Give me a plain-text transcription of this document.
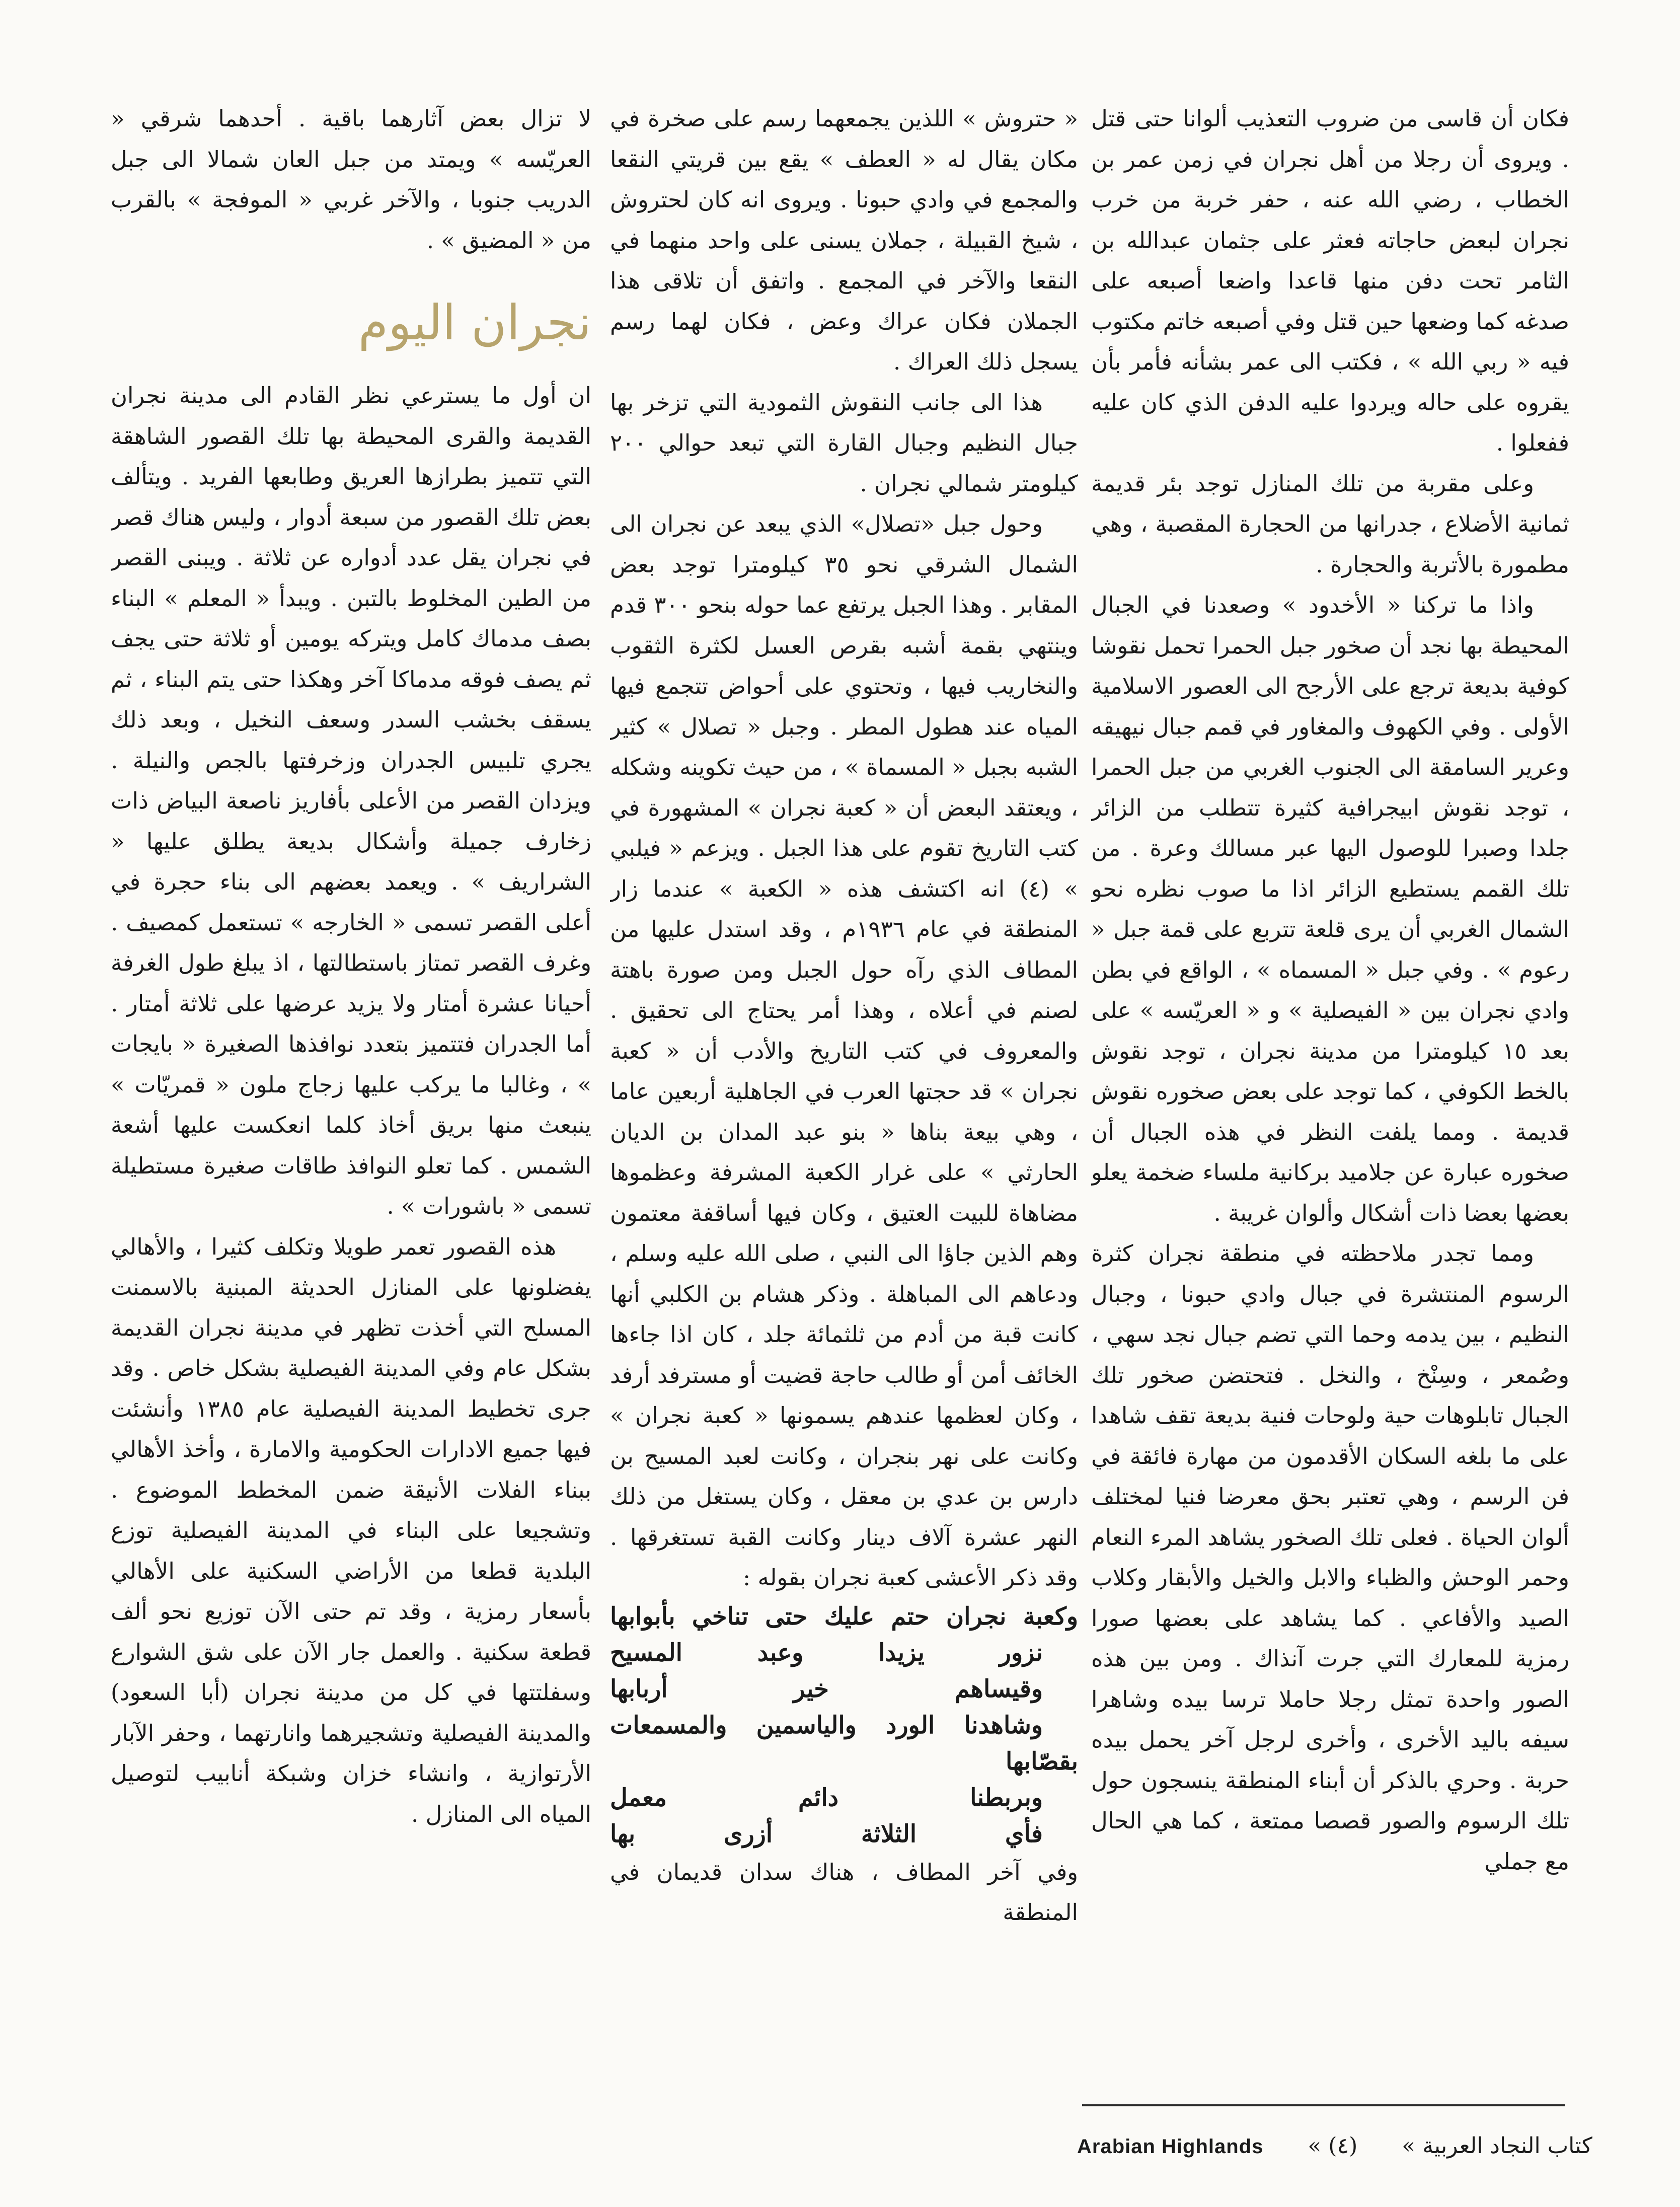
فكان أن قاسى من ضروب التعذيب ألوانا حتى قتل . ويروى أن رجلا من أهل نجران في زمن عمر بن الخطاب ، رضي الله عنه ، حفر خربة من خرب نجران لبعض حاجاته فعثر على جثمان عبدالله بن الثامر تحت دفن منها قاعدا واضعا أصبعه على صدغه كما وضعها حين قتل وفي أصبعه خاتم مكتوب فيه « ربي الله » ، فكتب الى عمر بشأنه فأمر بأن يقروه على حاله ويردوا عليه الدفن الذي كان عليه ففعلوا .

وعلى مقربة من تلك المنازل توجد بئر قديمة ثمانية الأضلاع ، جدرانها من الحجارة المقصبة ، وهي مطمورة بالأتربة والحجارة .

واذا ما تركنا « الأخدود » وصعدنا في الجبال المحيطة بها نجد أن صخور جبل الحمرا تحمل نقوشا كوفية بديعة ترجع على الأرجح الى العصور الاسلامية الأولى . وفي الكهوف والمغاور في قمم جبال نيهيقه وعرير السامقة الى الجنوب الغربي من جبل الحمرا ، توجد نقوش ابيجرافية كثيرة تتطلب من الزائر جلدا وصبرا للوصول اليها عبر مسالك وعرة . من تلك القمم يستطيع الزائر اذا ما صوب نظره نحو الشمال الغربي أن يرى قلعة تتربع على قمة جبل « رعوم » . وفي جبل « المسماه » ، الواقع في بطن وادي نجران بين « الفيصلية » و « العريّسه » على بعد ١٥ كيلومترا من مدينة نجران ، توجد نقوش بالخط الكوفي ، كما توجد على بعض صخوره نقوش قديمة . ومما يلفت النظر في هذه الجبال أن صخوره عبارة عن جلاميد بركانية ملساء ضخمة يعلو بعضها بعضا ذات أشكال وألوان غريبة .

ومما تجدر ملاحظته في منطقة نجران كثرة الرسوم المنتشرة في جبال وادي حبونا ، وجبال النظيم ، بين يدمه وحما التي تضم جبال نجد سهي ، وصُمعر ، وسِنْخ ، والنخل . فتحتضن صخور تلك الجبال تابلوهات حية ولوحات فنية بديعة تقف شاهدا على ما بلغه السكان الأقدمون من مهارة فائقة في فن الرسم ، وهي تعتبر بحق معرضا فنيا لمختلف ألوان الحياة . فعلى تلك الصخور يشاهد المرء النعام وحمر الوحش والظباء والابل والخيل والأبقار وكلاب الصيد والأفاعي . كما يشاهد على بعضها صورا رمزية للمعارك التي جرت آنذاك . ومن بين هذه الصور واحدة تمثل رجلا حاملا ترسا بيده وشاهرا سيفه باليد الأخرى ، وأخرى لرجل آخر يحمل بيده حربة . وحري بالذكر أن أبناء المنطقة ينسجون حول تلك الرسوم والصور قصصا ممتعة ، كما هي الحال مع جملي

« حتروش » اللذين يجمعهما رسم على صخرة في مكان يقال له « العطف » يقع بين قريتي النقعا والمجمع في وادي حبونا . ويروى انه كان لحتروش ، شيخ القبيلة ، جملان يسنى على واحد منهما في النقعا والآخر في المجمع . واتفق أن تلاقى هذا الجملان فكان عراك وعض ، فكان لهما رسم يسجل ذلك العراك .

هذا الى جانب النقوش الثمودية التي تزخر بها جبال النظيم وجبال القارة التي تبعد حوالي ٢٠٠ كيلومتر شمالي نجران .

وحول جبل «تصلال» الذي يبعد عن نجران الى الشمال الشرقي نحو ٣٥ كيلومترا توجد بعض المقابر . وهذا الجبل يرتفع عما حوله بنحو ٣٠٠ قدم وينتهي بقمة أشبه بقرص العسل لكثرة الثقوب والنخاريب فيها ، وتحتوي على أحواض تتجمع فيها المياه عند هطول المطر . وجبل « تصلال » كثير الشبه بجبل « المسماة » ، من حيث تكوينه وشكله ، ويعتقد البعض أن « كعبة نجران » المشهورة في كتب التاريخ تقوم على هذا الجبل . ويزعم « فيلبي » (٤) انه اكتشف هذه « الكعبة » عندما زار المنطقة في عام ١٩٣٦م ، وقد استدل عليها من المطاف الذي رآه حول الجبل ومن صورة باهتة لصنم في أعلاه ، وهذا أمر يحتاج الى تحقيق . والمعروف في كتب التاريخ والأدب أن « كعبة نجران » قد حجتها العرب في الجاهلية أربعين عاما ، وهي بيعة بناها « بنو عبد المدان بن الديان الحارثي » على غرار الكعبة المشرفة وعظموها مضاهاة للبيت العتيق ، وكان فيها أساقفة معتمون وهم الذين جاؤا الى النبي ، صلى الله عليه وسلم ، ودعاهم الى المباهلة . وذكر هشام بن الكلبي أنها كانت قبة من أدم من ثلثمائة جلد ، كان اذا جاءها الخائف أمن أو طالب حاجة قضيت أو مسترفد أرفد ، وكان لعظمها عندهم يسمونها « كعبة نجران » وكانت على نهر بنجران ، وكانت لعبد المسيح بن دارس بن عدي بن معقل ، وكان يستغل من ذلك النهر عشرة آلاف دينار وكانت القبة تستغرقها . وقد ذكر الأعشى كعبة نجران بقوله :

وكعبة نجران حتم عليك حتى تناخي بأبوابها

نزور يزيدا وعبد المسيح

وقيساهم خير أربابها

وشاهدنا الورد والياسمين والمسمعات بقصّابها

وبربطنا دائم معمل

فأي الثلاثة أزرى بها

وفي آخر المطاف ، هناك سدان قديمان في المنطقة

لا تزال بعض آثارهما باقية . أحدهما شرقي « العريّسه » ويمتد من جبل العان شمالا الى جبل الدريب جنوبا ، والآخر غربي « الموفجة » بالقرب من « المضيق » .

نجران اليوم

ان أول ما يسترعي نظر القادم الى مدينة نجران القديمة والقرى المحيطة بها تلك القصور الشاهقة التي تتميز بطرازها العريق وطابعها الفريد . ويتألف بعض تلك القصور من سبعة أدوار ، وليس هناك قصر في نجران يقل عدد أدواره عن ثلاثة . ويبنى القصر من الطين المخلوط بالتبن . ويبدأ « المعلم » البناء بصف مدماك كامل ويتركه يومين أو ثلاثة حتى يجف ثم يصف فوقه مدماكا آخر وهكذا حتى يتم البناء ، ثم يسقف بخشب السدر وسعف النخيل ، وبعد ذلك يجري تلبيس الجدران وزخرفتها بالجص والنيلة . ويزدان القصر من الأعلى بأفاريز ناصعة البياض ذات زخارف جميلة وأشكال بديعة يطلق عليها « الشراريف » . ويعمد بعضهم الى بناء حجرة في أعلى القصر تسمى « الخارجه » تستعمل كمصيف . وغرف القصر تمتاز باستطالتها ، اذ يبلغ طول الغرفة أحيانا عشرة أمتار ولا يزيد عرضها على ثلاثة أمتار . أما الجدران فتتميز بتعدد نوافذها الصغيرة « بايجات » ، وغالبا ما يركب عليها زجاج ملون « قمريّات » ينبعث منها بريق أخاذ كلما انعكست عليها أشعة الشمس . كما تعلو النوافذ طاقات صغيرة مستطيلة تسمى « باشورات » .

هذه القصور تعمر طويلا وتكلف كثيرا ، والأهالي يفضلونها على المنازل الحديثة المبنية بالاسمنت المسلح التي أخذت تظهر في مدينة نجران القديمة بشكل عام وفي المدينة الفيصلية بشكل خاص . وقد جرى تخطيط المدينة الفيصلية عام ١٣٨٥ وأنشئت فيها جميع الادارات الحكومية والامارة ، وأخذ الأهالي ببناء الفلات الأنيقة ضمن المخطط الموضوع . وتشجيعا على البناء في المدينة الفيصلية توزع البلدية قطعا من الأراضي السكنية على الأهالي بأسعار رمزية ، وقد تم حتى الآن توزيع نحو ألف قطعة سكنية . والعمل جار الآن على شق الشوارع وسفلتتها في كل من مدينة نجران (أبا السعود) والمدينة الفيصلية وتشجيرهما وانارتهما ، وحفر الآبار الأرتوازية ، وانشاء خزان وشبكة أنابيب لتوصيل المياه الى المنازل .

Arabian Highlands « كتاب النجاد العربية »  (٤)
